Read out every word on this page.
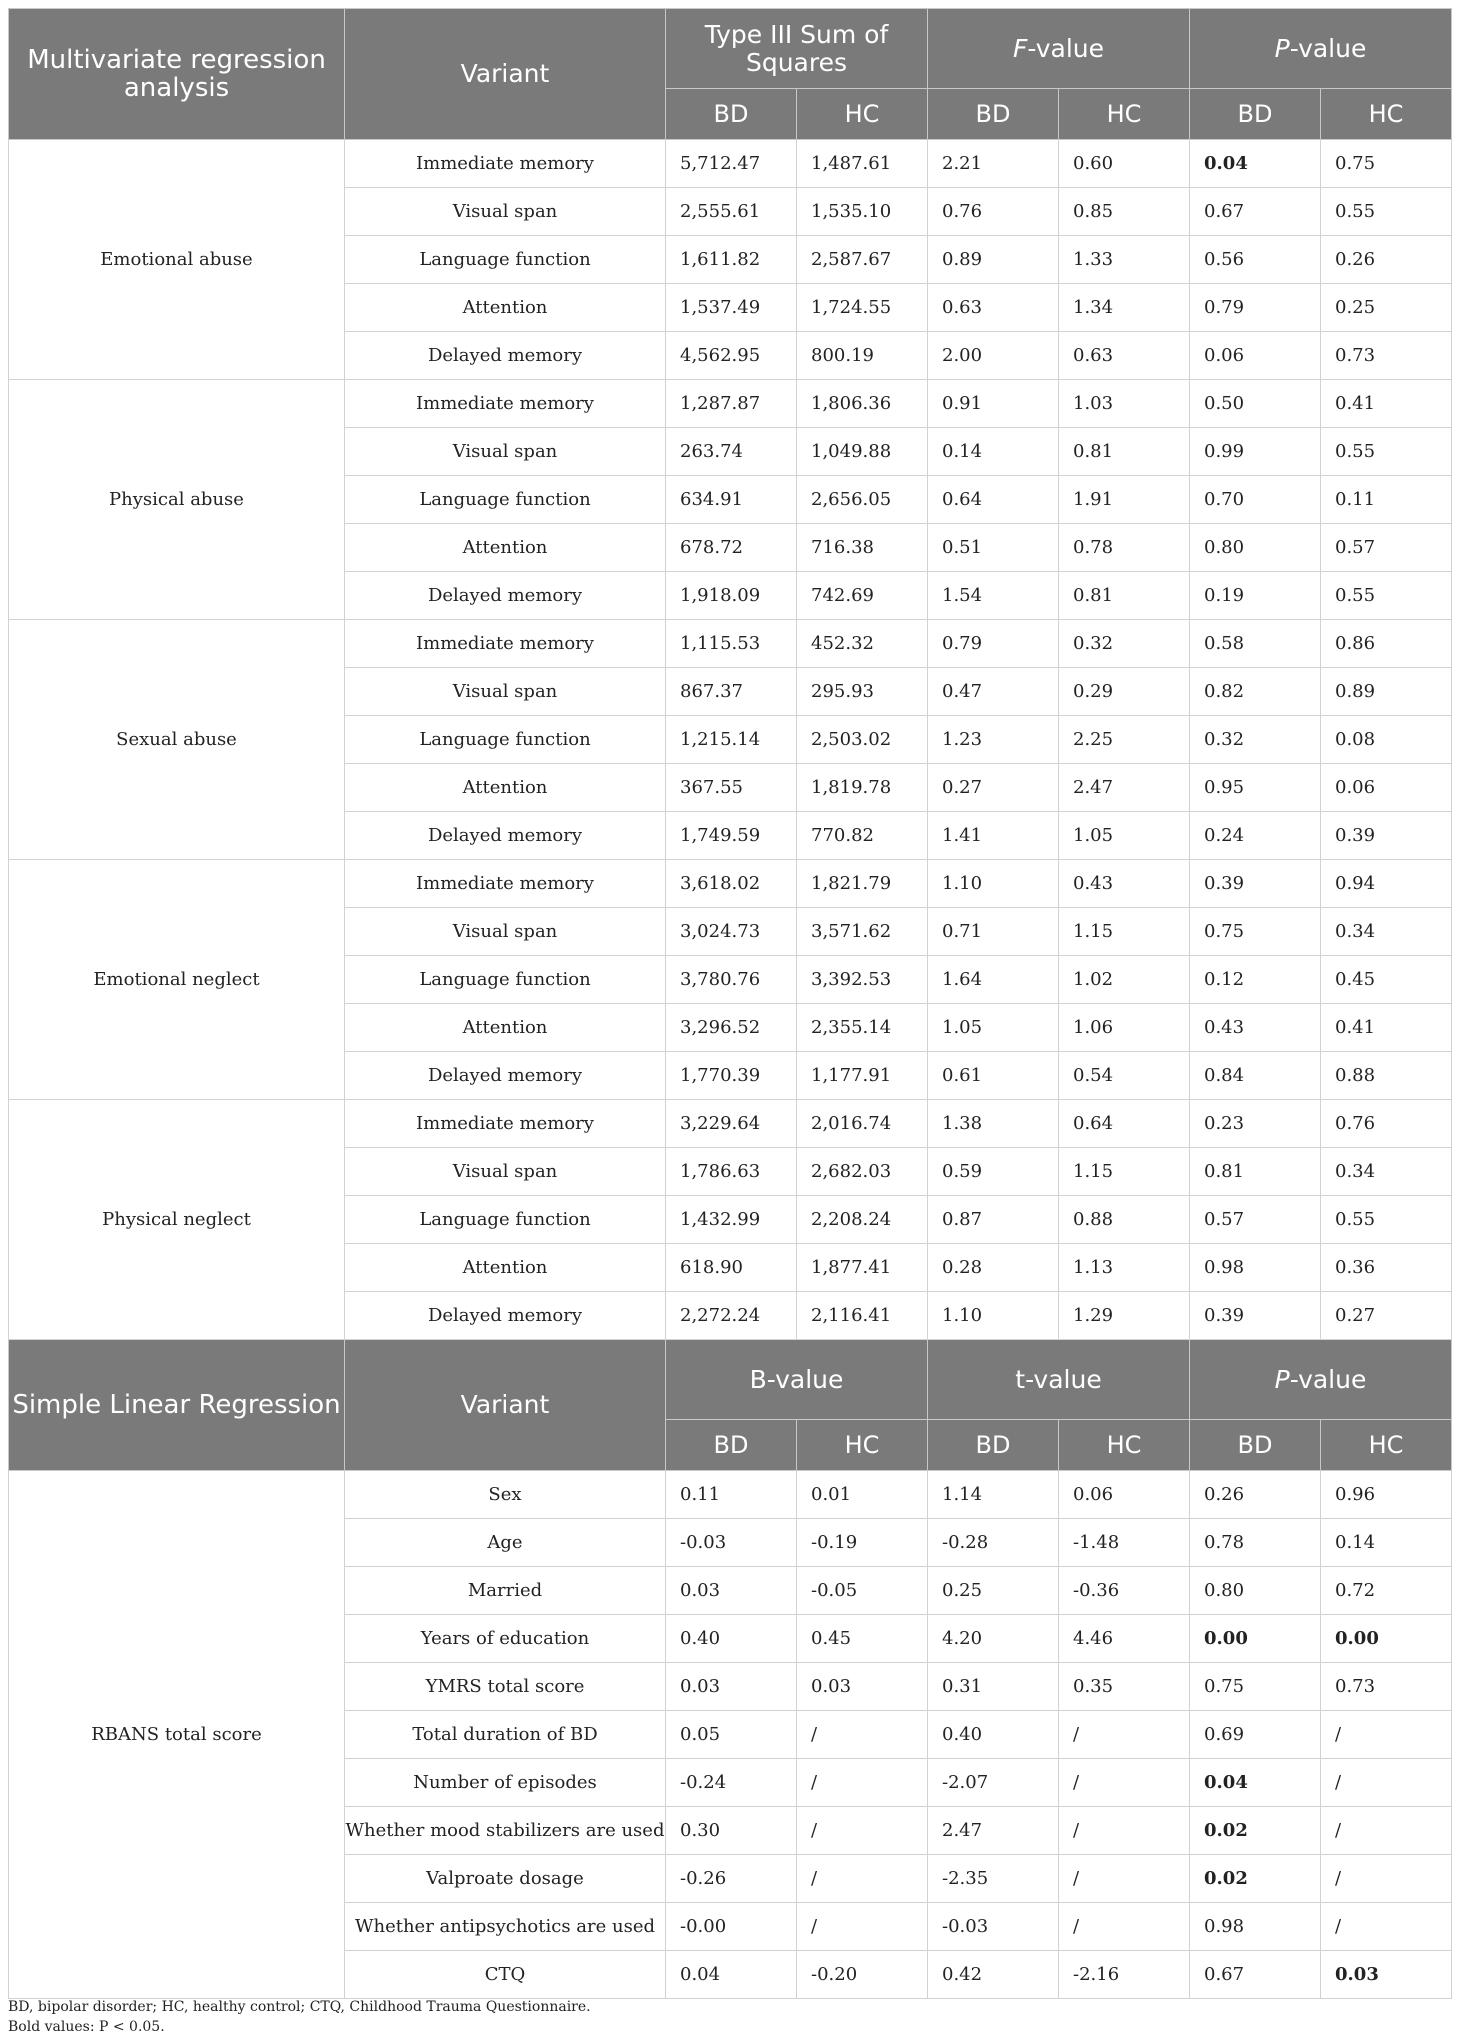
Multivariate regression analysis	Variant	Type III Sum of Squares		F-value		P-value	
		BD	HC	BD	HC	BD	HC
Emotional abuse	Immediate memory	5,712.47	1,487.61	2.21	0.60	0.04	0.75
	Visual span	2,555.61	1,535.10	0.76	0.85	0.67	0.55
	Language function	1,611.82	2,587.67	0.89	1.33	0.56	0.26
	Attention	1,537.49	1,724.55	0.63	1.34	0.79	0.25
	Delayed memory	4,562.95	800.19	2.00	0.63	0.06	0.73
Physical abuse	Immediate memory	1,287.87	1,806.36	0.91	1.03	0.50	0.41
	Visual span	263.74	1,049.88	0.14	0.81	0.99	0.55
	Language function	634.91	2,656.05	0.64	1.91	0.70	0.11
	Attention	678.72	716.38	0.51	0.78	0.80	0.57
	Delayed memory	1,918.09	742.69	1.54	0.81	0.19	0.55
Sexual abuse	Immediate memory	1,115.53	452.32	0.79	0.32	0.58	0.86
	Visual span	867.37	295.93	0.47	0.29	0.82	0.89
	Language function	1,215.14	2,503.02	1.23	2.25	0.32	0.08
	Attention	367.55	1,819.78	0.27	2.47	0.95	0.06
	Delayed memory	1,749.59	770.82	1.41	1.05	0.24	0.39
Emotional neglect	Immediate memory	3,618.02	1,821.79	1.10	0.43	0.39	0.94
	Visual span	3,024.73	3,571.62	0.71	1.15	0.75	0.34
	Language function	3,780.76	3,392.53	1.64	1.02	0.12	0.45
	Attention	3,296.52	2,355.14	1.05	1.06	0.43	0.41
	Delayed memory	1,770.39	1,177.91	0.61	0.54	0.84	0.88
Physical neglect	Immediate memory	3,229.64	2,016.74	1.38	0.64	0.23	0.76
	Visual span	1,786.63	2,682.03	0.59	1.15	0.81	0.34
	Language function	1,432.99	2,208.24	0.87	0.88	0.57	0.55
	Attention	618.90	1,877.41	0.28	1.13	0.98	0.36
	Delayed memory	2,272.24	2,116.41	1.10	1.29	0.39	0.27
Simple Linear Regression	Variant	B-value		t-value		P-value	
		BD	HC	BD	HC	BD	HC
RBANS total score	Sex	0.11	0.01	1.14	0.06	0.26	0.96
	Age	-0.03	-0.19	-0.28	-1.48	0.78	0.14
	Married	0.03	-0.05	0.25	-0.36	0.80	0.72
	Years of education	0.40	0.45	4.20	4.46	0.00	0.00
	YMRS total score	0.03	0.03	0.31	0.35	0.75	0.73
	Total duration of BD	0.05	/	0.40	/	0.69	/
	Number of episodes	-0.24	/	-2.07	/	0.04	/
	Whether mood stabilizers are used	0.30	/	2.47	/	0.02	/
	Valproate dosage	-0.26	/	-2.35	/	0.02	/
	Whether antipsychotics are used	-0.00	/	-0.03	/	0.98	/
	CTQ	0.04	-0.20	0.42	-2.16	0.67	0.03
BD, bipolar disorder; HC, healthy control; CTQ, Childhood Trauma Questionnaire.
Bold values: P < 0.05.
